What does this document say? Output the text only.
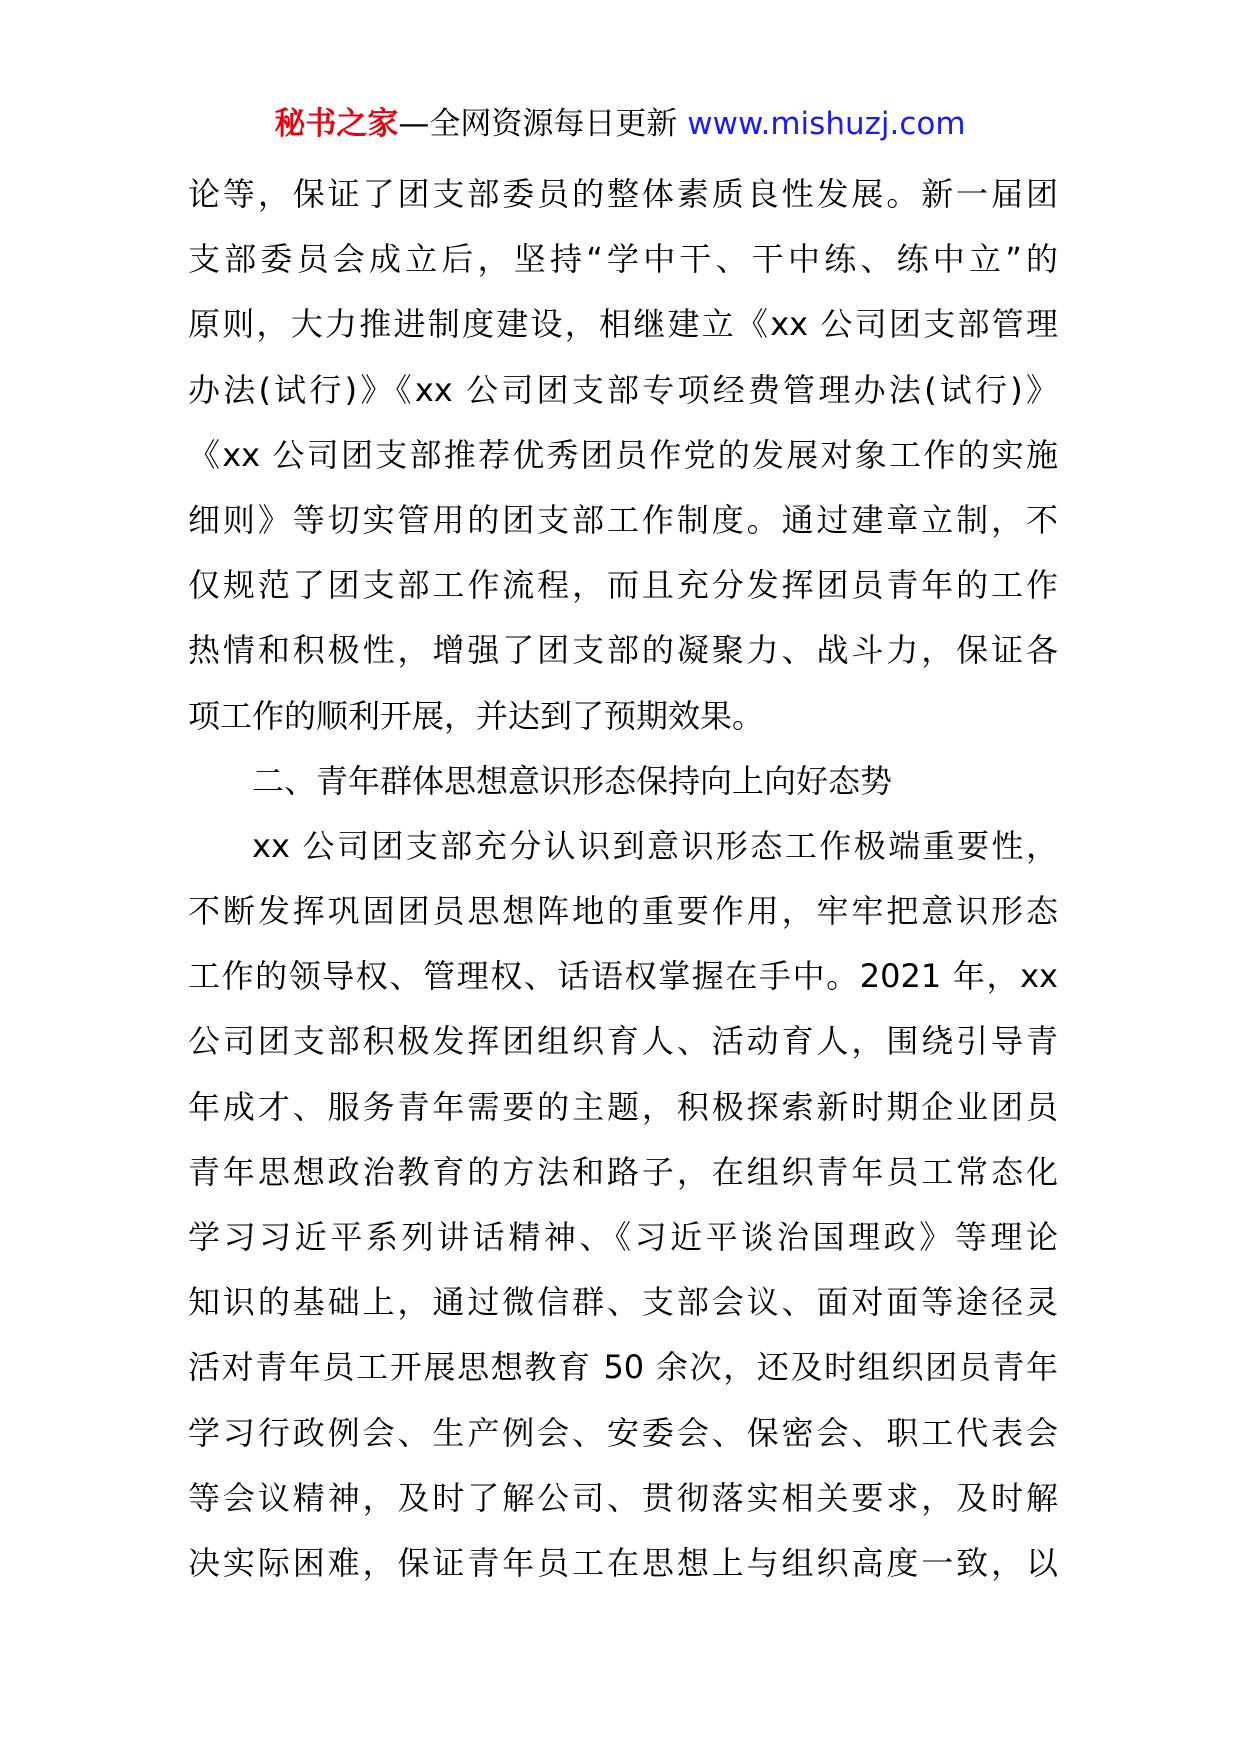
秘书之家—全网资源每日更新 www.mishuzj.com
论等，保证了团支部委员的整体素质良性发展。新一届团
支部委员会成立后，坚持“学中干、干中练、练中立”的
原则，大力推进制度建设，相继建立《xx 公司团支部管理
办法(试行)》《xx 公司团支部专项经费管理办法(试行)》
《xx 公司团支部推荐优秀团员作党的发展对象工作的实施
细则》等切实管用的团支部工作制度。通过建章立制，不
仅规范了团支部工作流程，而且充分发挥团员青年的工作
热情和积极性，增强了团支部的凝聚力、战斗力，保证各
项工作的顺利开展，并达到了预期效果。
二、青年群体思想意识形态保持向上向好态势
xx 公司团支部充分认识到意识形态工作极端重要性，
不断发挥巩固团员思想阵地的重要作用，牢牢把意识形态
工作的领导权、管理权、话语权掌握在手中。2021 年，xx
公司团支部积极发挥团组织育人、活动育人，围绕引导青
年成才、服务青年需要的主题，积极探索新时期企业团员
青年思想政治教育的方法和路子，在组织青年员工常态化
学习习近平系列讲话精神、《习近平谈治国理政》等理论
知识的基础上，通过微信群、支部会议、面对面等途径灵
活对青年员工开展思想教育 50 余次，还及时组织团员青年
学习行政例会、生产例会、安委会、保密会、职工代表会
等会议精神，及时了解公司、贯彻落实相关要求，及时解
决实际困难，保证青年员工在思想上与组织高度一致，以
